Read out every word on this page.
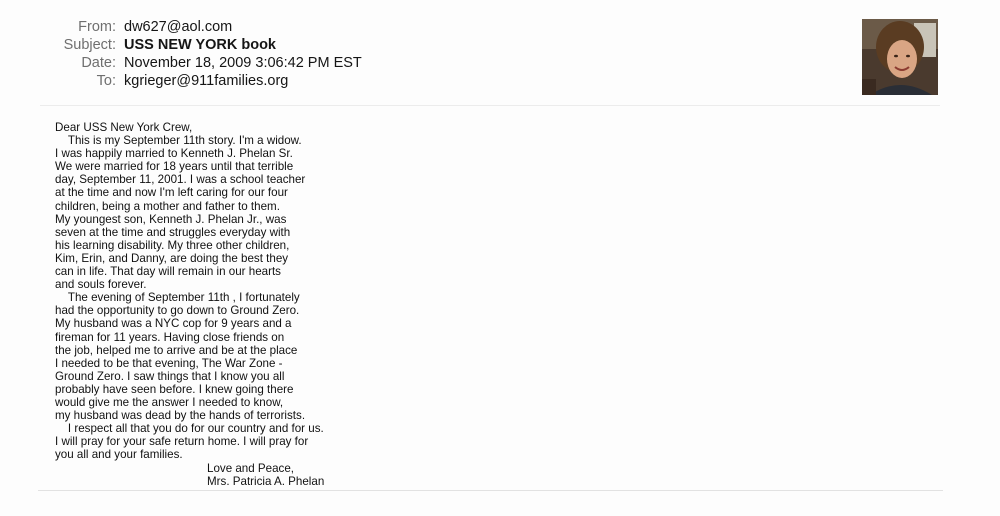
From: dw627@aol.com
Subject: USS NEW YORK book
Date: November 18, 2009 3:06:42 PM EST
To: kgrieger@911families.org

Dear USS New York Crew,

This is my September 11th story. I'm a widow.
I was happily married to Kenneth J. Phelan Sr.
We were married for 18 years until that terrible
day, September 11, 2001. I was a school teacher
at the time and now I'm left caring for our four
children, being a mother and father to them.
My youngest son, Kenneth J. Phelan Jr., was
seven at the time and struggles everyday with
his learning disability. My three other children,
Kim, Erin, and Danny, are doing the best they
can in life. That day will remain in our hearts
and souls forever.

The evening of September 11th , I fortunately
had the opportunity to go down to Ground Zero.
My husband was a NYC cop for 9 years and a
fireman for 11 years. Having close friends on
the job, helped me to arrive and be at the place
I needed to be that evening, The War Zone -
Ground Zero. I saw things that I know you all
probably have seen before. I knew going there
would give me the answer I needed to know,
my husband was dead by the hands of terrorists.

I respect all that you do for our country and for us.
I will pray for your safe return home. I will pray for
you all and your families.

Love and Peace,
Mrs. Patricia A. Phelan
